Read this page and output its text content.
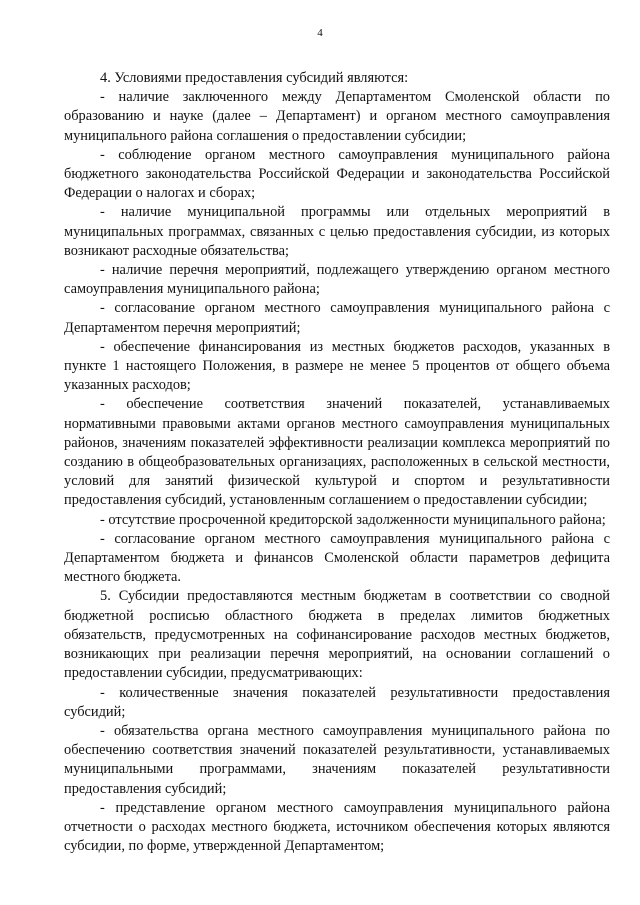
4

4. Условиями предоставления субсидий являются:

- наличие заключенного между Департаментом Смоленской области по образованию и науке (далее – Департамент) и органом местного самоуправления муниципального района соглашения о предоставлении субсидии;

- соблюдение органом местного самоуправления муниципального района бюджетного законодательства Российской Федерации и законодательства Российской Федерации о налогах и сборах;

- наличие муниципальной программы или отдельных мероприятий в муниципальных программах, связанных с целью предоставления субсидии, из которых возникают расходные обязательства;

- наличие перечня мероприятий, подлежащего утверждению органом местного самоуправления муниципального района;

- согласование органом местного самоуправления муниципального района с Департаментом перечня мероприятий;

- обеспечение финансирования из местных бюджетов расходов, указанных в пункте 1 настоящего Положения, в размере не менее 5 процентов от общего объема указанных расходов;

- обеспечение соответствия значений показателей, устанавливаемых нормативными правовыми актами органов местного самоуправления муниципальных районов, значениям показателей эффективности реализации комплекса мероприятий по созданию в общеобразовательных организациях, расположенных в сельской местности, условий для занятий физической культурой и спортом и результативности предоставления субсидий, установленным соглашением о предоставлении субсидии;

- отсутствие просроченной кредиторской задолженности муниципального района;

- согласование органом местного самоуправления муниципального района с Департаментом бюджета и финансов Смоленской области параметров дефицита местного бюджета.

5. Субсидии предоставляются местным бюджетам в соответствии со сводной бюджетной росписью областного бюджета в пределах лимитов бюджетных обязательств, предусмотренных на софинансирование расходов местных бюджетов, возникающих при реализации перечня мероприятий, на основании соглашений о предоставлении субсидии, предусматривающих:

- количественные значения показателей результативности предоставления субсидий;

- обязательства органа местного самоуправления муниципального района по обеспечению соответствия значений показателей результативности, устанавливаемых муниципальными программами, значениям показателей результативности предоставления субсидий;

- представление органом местного самоуправления муниципального района отчетности о расходах местного бюджета, источником обеспечения которых являются субсидии, по форме, утвержденной Департаментом;
